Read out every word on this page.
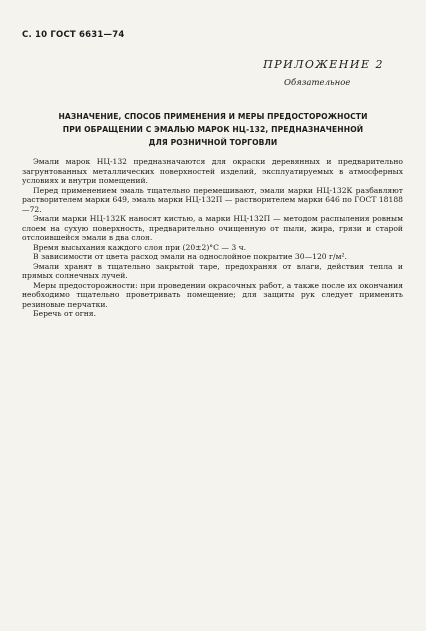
С. 10 ГОСТ 6631—74
ПРИЛОЖЕНИЕ 2
Обязательное
НАЗНАЧЕНИЕ, СПОСОБ ПРИМЕНЕНИЯ И МЕРЫ ПРЕДОСТОРОЖНОСТИ
ПРИ ОБРАЩЕНИИ С ЭМАЛЬЮ МАРОК НЦ-132, ПРЕДНАЗНАЧЕННОЙ
ДЛЯ РОЗНИЧНОЙ ТОРГОВЛИ

Эмали марок НЦ-132 предназначаются для окраски деревянных и предварительно загрунтованных металлических поверхностей изделий, эксплуатируемых в атмосферных условиях и внутри помещений.

Перед применением эмаль тщательно перемешивают, эмали марки НЦ-132К разбавляют растворителем марки 649, эмаль марки НЦ-132П — растворителем марки 646 по ГОСТ 18188—72.

Эмали марки НЦ-132К наносят кистью, а марки НЦ-132П — методом распыления ровным слоем на сухую поверхность, предварительно очищенную от пыли, жира, грязи и старой отслоившейся эмали в два слоя.

Время высыхания каждого слоя при (20±2)°С — 3 ч.

В зависимости от цвета расход эмали на однослойное покрытие 30—120 г/м².

Эмали хранят в тщательно закрытой таре, предохраняя от влаги, действия тепла и прямых солнечных лучей.

Меры предосторожности: при проведении окрасочных работ, а также после их окончания необходимо тщательно проветривать помещение; для защиты рук следует применять резиновые перчатки.

Беречь от огня.
